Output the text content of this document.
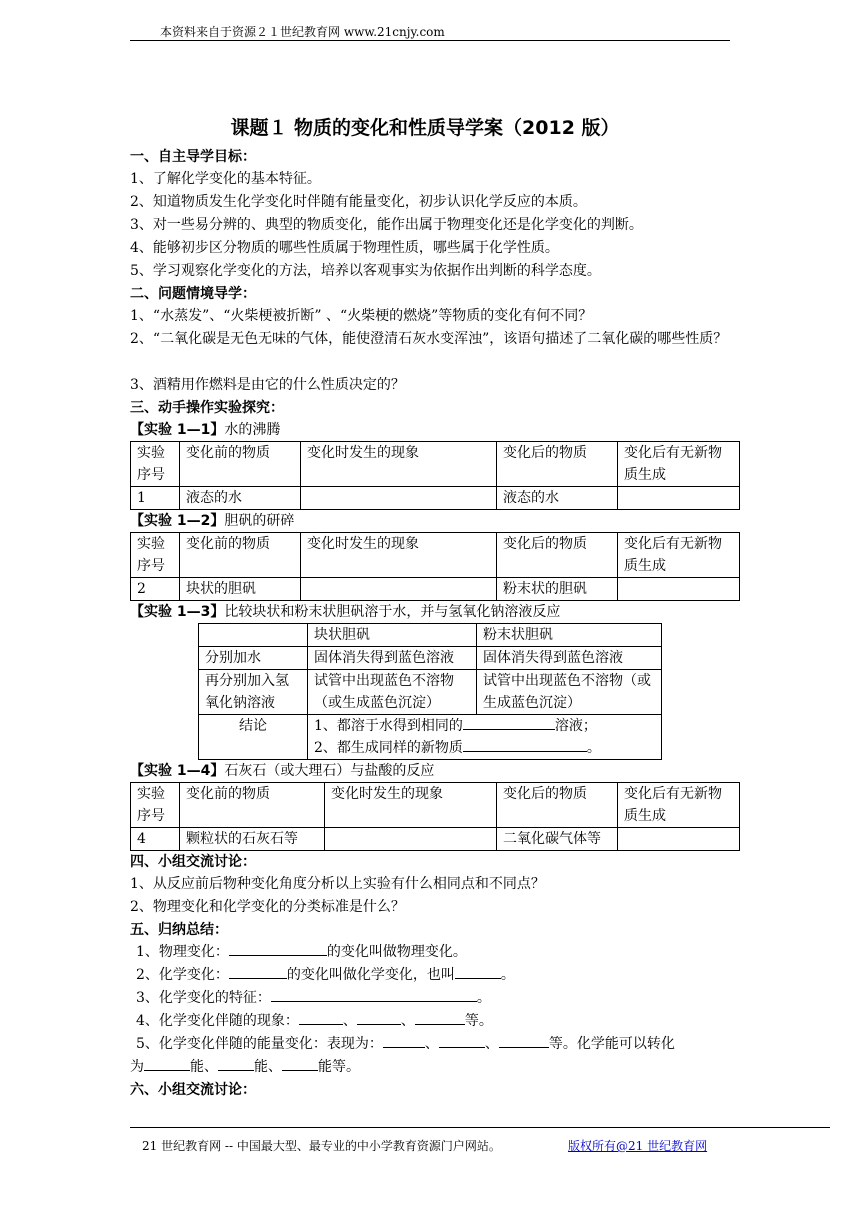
本资料来自于资源２１世纪教育网 www.21cnjy.com
课题１ 物质的变化和性质导学案（2012 版）
一、自主导学目标：
1、了解化学变化的基本特征。
2、知道物质发生化学变化时伴随有能量变化，初步认识化学反应的本质。
3、对一些易分辨的、典型的物质变化，能作出属于物理变化还是化学变化的判断。
4、能够初步区分物质的哪些性质属于物理性质，哪些属于化学性质。
5、学习观察化学变化的方法，培养以客观事实为依据作出判断的科学态度。
二、问题情境导学：
1、“水蒸发”、“火柴梗被折断” 、“火柴梗的燃烧”等物质的变化有何不同？
2、“二氧化碳是无色无味的气体，能使澄清石灰水变浑浊”，该语句描述了二氧化碳的哪些性质？
3、酒精用作燃料是由它的什么性质决定的？
三、动手操作实验探究：
【实验 1—1】水的沸腾
实验序号	变化前的物质	变化时发生的现象	变化后的物质	变化后有无新物质生成
1	液态的水		液态的水	
【实验 1—2】胆矾的研碎
实验序号	变化前的物质	变化时发生的现象	变化后的物质	变化后有无新物质生成
2	块状的胆矾		粉末状的胆矾	
【实验 1—3】比较块状和粉末状胆矾溶于水，并与氢氧化钠溶液反应
	块状胆矾	粉末状胆矾
分别加水	固体消失得到蓝色溶液	固体消失得到蓝色溶液
再分别加入氢氧化钠溶液	试管中出现蓝色不溶物（或生成蓝色沉淀）	试管中出现蓝色不溶物（或生成蓝色沉淀）
结论	1、都溶于水得到相同的 溶液；
2、都生成同样的新物质 。	
【实验 1—4】石灰石（或大理石）与盐酸的反应
实验序号	变化前的物质	变化时发生的现象	变化后的物质	变化后有无新物质生成
4	颗粒状的石灰石等		二氧化碳气体等	
四、小组交流讨论：
1、从反应前后物种变化角度分析以上实验有什么相同点和不同点？
2、物理变化和化学变化的分类标准是什么？
五、归纳总结：
1、物理变化：	的变化叫做物理变化。
2、化学变化：	的变化叫做化学变化，也叫	。
3、化学变化的特征：	。
4、化学变化伴随的现象：	、	、	等。
5、化学变化伴随的能量变化：表现为：	、	、	等。化学能可以转化
为	能、	能、	能等。
六、小组交流讨论：
21 世纪教育网 -- 中国最大型、最专业的中小学教育资源门户网站。	版权所有@21 世纪教育网
